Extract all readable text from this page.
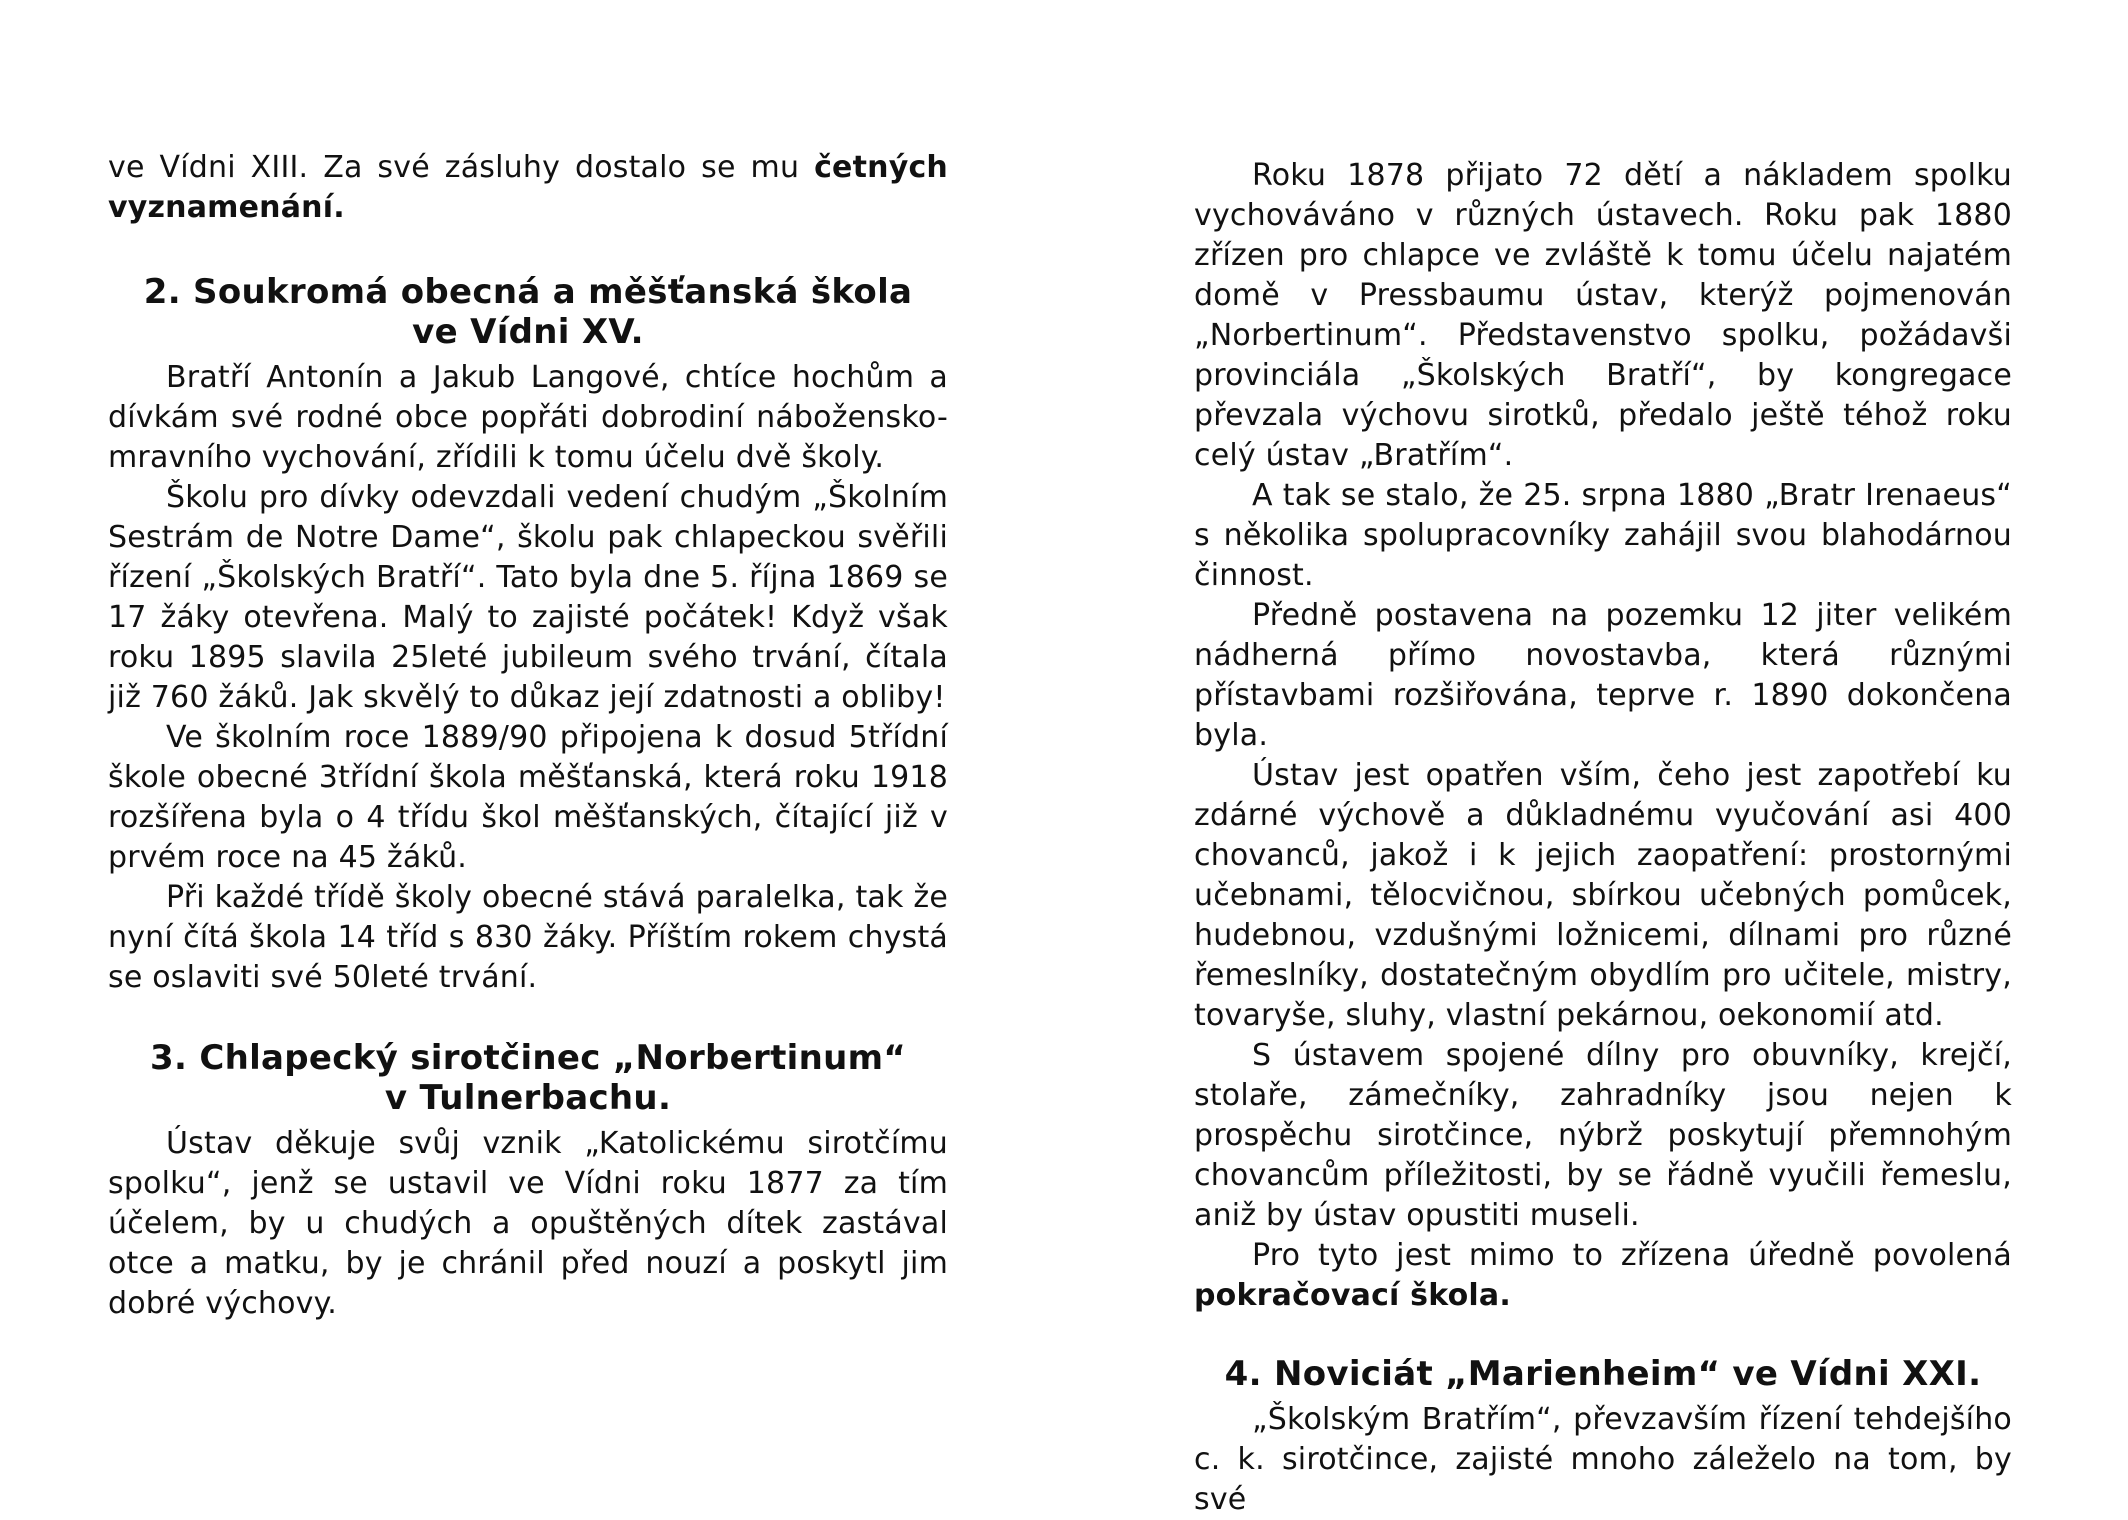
ve Vídni XIII. Za své zásluhy dostalo se mu četných vyznamenání.

2. Soukromá obecná a měšťanská škola
ve Vídni XV.

Bratří Antonín a Jakub Langové, chtíce hochům a dívkám své rodné obce popřáti dobrodiní nábožensko-mravního vychování, zřídili k tomu účelu dvě školy.

Školu pro dívky odevzdali vedení chudým „Školním Sestrám de Notre Dame“, školu pak chlapeckou svěřili řízení „Školských Bratří“. Tato byla dne 5. října 1869 se 17 žáky otevřena. Malý to zajisté počátek! Když však roku 1895 slavila 25leté jubileum svého trvání, čítala již 760 žáků. Jak skvělý to důkaz její zdatnosti a obliby!

Ve školním roce 1889/90 připojena k dosud 5třídní škole obecné 3třídní škola měšťanská, která roku 1918 rozšířena byla o 4 třídu škol měšťanských, čítající již v prvém roce na 45 žáků.

Při každé třídě školy obecné stává paralelka, tak že nyní čítá škola 14 tříd s 830 žáky. Příštím rokem chystá se oslaviti své 50leté trvání.

3. Chlapecký sirotčinec „Norbertinum“
v Tulnerbachu.

Ústav děkuje svůj vznik „Katolickému sirotčímu spolku“, jenž se ustavil ve Vídni roku 1877 za tím účelem, by u chudých a opuštěných dítek zastával otce a matku, by je chránil před nouzí a poskytl jim dobré výchovy.

Roku 1878 přijato 72 dětí a nákladem spolku vychováváno v různých ústavech. Roku pak 1880 zřízen pro chlapce ve zvláště k tomu účelu najatém domě v Pressbaumu ústav, kterýž pojmenován „Norbertinum“. Představenstvo spolku, požádavši provinciála „Školských Bratří“, by kongregace převzala výchovu sirotků, předalo ještě téhož roku celý ústav „Bratřím“.

A tak se stalo, že 25. srpna 1880 „Bratr Irenaeus“ s několika spolupracovníky zahájil svou blahodárnou činnost.

Předně postavena na pozemku 12 jiter velikém nádherná přímo novostavba, která různými přístavbami rozšiřována, teprve r. 1890 dokončena byla.

Ústav jest opatřen vším, čeho jest zapotřebí ku zdárné výchově a důkladnému vyučování asi 400 chovanců, jakož i k jejich zaopatření: prostornými učebnami, tělocvičnou, sbírkou učebných pomůcek, hudebnou, vzdušnými ložnicemi, dílnami pro různé řemeslníky, dostatečným obydlím pro učitele, mistry, tovaryše, sluhy, vlastní pekárnou, oekonomií atd.

S ústavem spojené dílny pro obuvníky, krejčí, stolaře, zámečníky, zahradníky jsou nejen k prospěchu sirotčince, nýbrž poskytují přemnohým chovancům příležitosti, by se řádně vyučili řemeslu, aniž by ústav opustiti museli.

Pro tyto jest mimo to zřízena úředně povolená pokračovací škola.

4. Noviciát „Marienheim“ ve Vídni XXI.

„Školským Bratřím“, převzavším řízení tehdejšího c. k. sirotčince, zajisté mnoho záleželo na tom, by své
